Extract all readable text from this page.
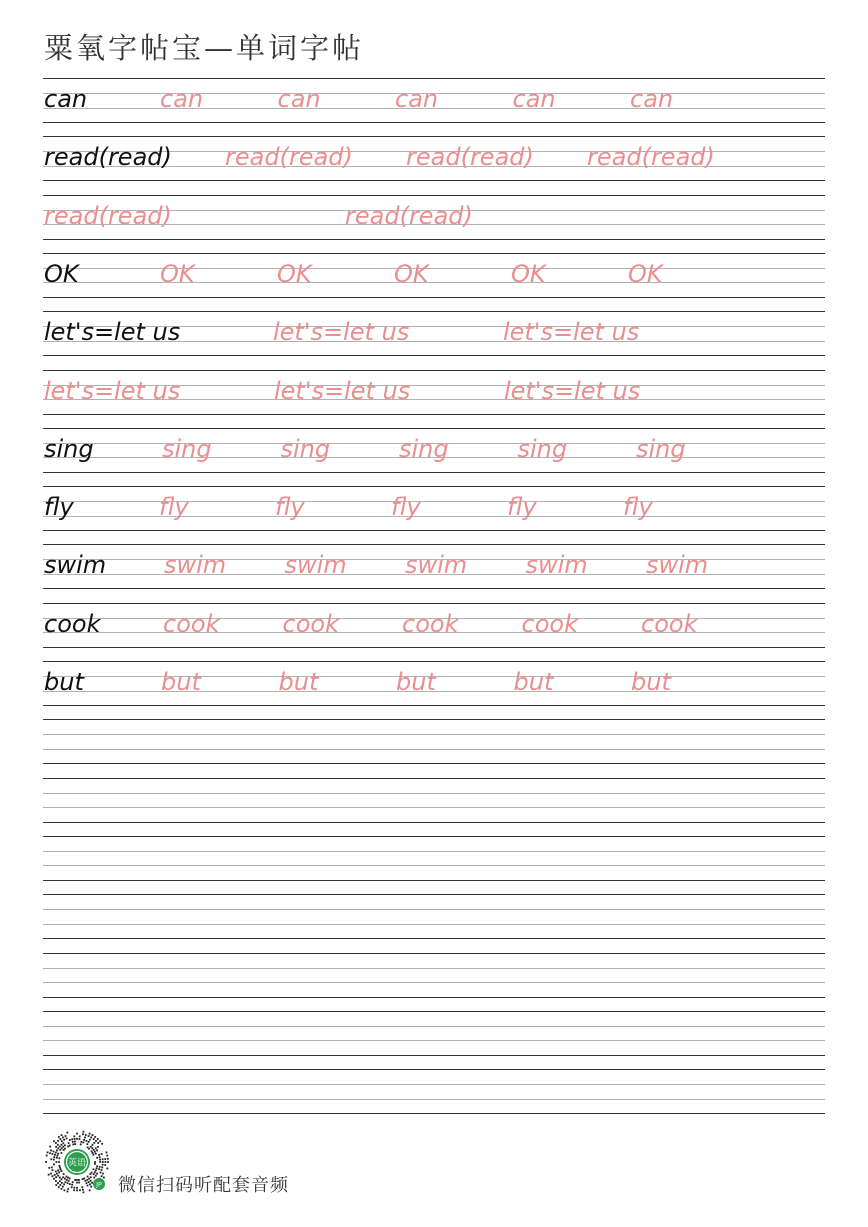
粟氧字帖宝—单词字帖
can	can	can	can	can	can
read(read) read(read) read(read) read(read)
read(read)	read(read)
OK	OK	OK	OK	OK	OK
let's=let us	let's=let us	let's=let us
let's=let us	let's=let us	let's=let us
sing	sing	sing	sing	sing	sing
fly	fly	fly	fly	fly	fly
swim swim swim swim swim swim
cook	cook	cook	cook	cook	cook
but	but	but	but	but	but
英语
JP 微信扫码听配套音频
